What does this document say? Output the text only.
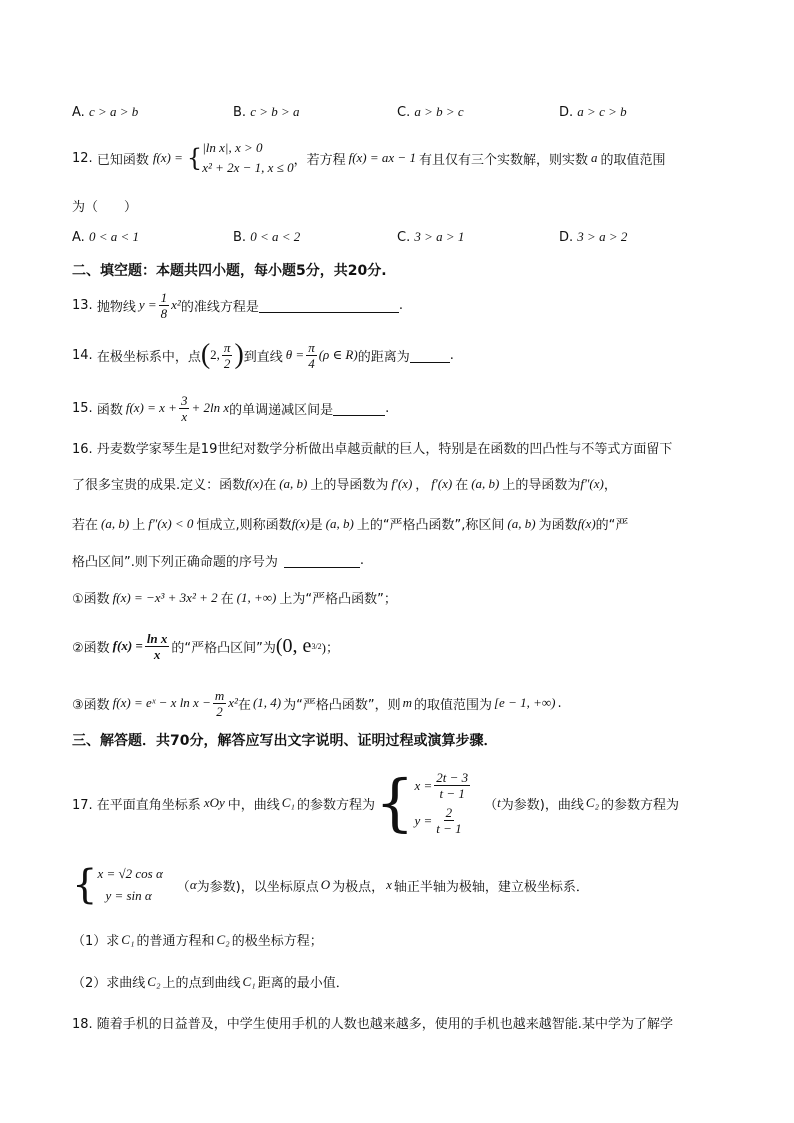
A. c > a > b	B. c > b > a	C. a > b > c	D. a > c > b
12.
已知函数 f(x) = { |ln x|, x > 0
x² + 2x − 1, x ≤ 0 ，若方程 f(x) = ax − 1 有且仅有三个实数解，则实数 a 的取值范围
为（　　）
A. 0 < a < 1	B. 0 < a < 2	C. 3 > a > 1	D. 3 > a > 2
二、填空题：本题共四小题，每小题5分，共20分.
13.
抛物线 $y = \frac{1}{8} x^2$ 的准线方程是	.
14.
在极坐标系中，点 ( 2, $\frac{\pi}{2}$ ) 到直线 $\theta = \frac{\pi}{4} (\rho$ ∈ R) 的距离为	.
15.
函数 $f(x) = x + \frac{3}{x} + 2\ln$ x 的单调递减区间是	.
16. 丹麦数学家琴生是19世纪对数学分析做出卓越贡献的巨人，特别是在函数的凹凸性与不等式方面留下
了很多宝贵的成果.定义：函数 f(x) 在 (a, b) 上的导函数为 f′(x) ， f′(x) 在 (a, b) 上的导函数为 f″(x) ，
若在 (a, b) 上 f″(x) < 0 恒成立,则称函数 f(x) 是 (a, b) 上的“严格凸函数”,称区间 (a, b) 为函数 f(x) 的“严
格凸区间”.则下列正确命题的序号为	.
①函数 f(x) = −x³ + 3x² + 2 在 (1, +∞) 上为“严格凸函数”；
②函数 $f(x) = \frac{\text{ln x}}{x}$ 的“严格凸区间”为 (0, e 3/2 )；
③函数 f(x) = eˣ − x $\ln x - \frac{m}{2} x^2$ 在 (1, 4) 为“严格凸函数”，则 m 的取值范围为 [e − 1, +∞) .
三、解答题．共70分，解答应写出文字说明、证明过程或演算步骤．
17. 在平面直角坐标系 xOy 中，曲线 C₁ 的参数方程为 { $x = \frac{2t - 3}{t - 1}$
$y = \frac{2}{t - 1}$ （ t 为参数)，曲线 C₂ 的参数方程为
{ x = √2 cos α
y = sin α
（ α 为参数)，以坐标原点 O 为极点， x 轴正半轴为极轴，建立极坐标系．
（1）求 C₁ 的普通方程和 C₂ 的极坐标方程；
（2）求曲线 C₂ 上的点到曲线 C₁ 距离的最小值．
18. 随着手机的日益普及，中学生使用手机的人数也越来越多，使用的手机也越来越智能.某中学为了解学
